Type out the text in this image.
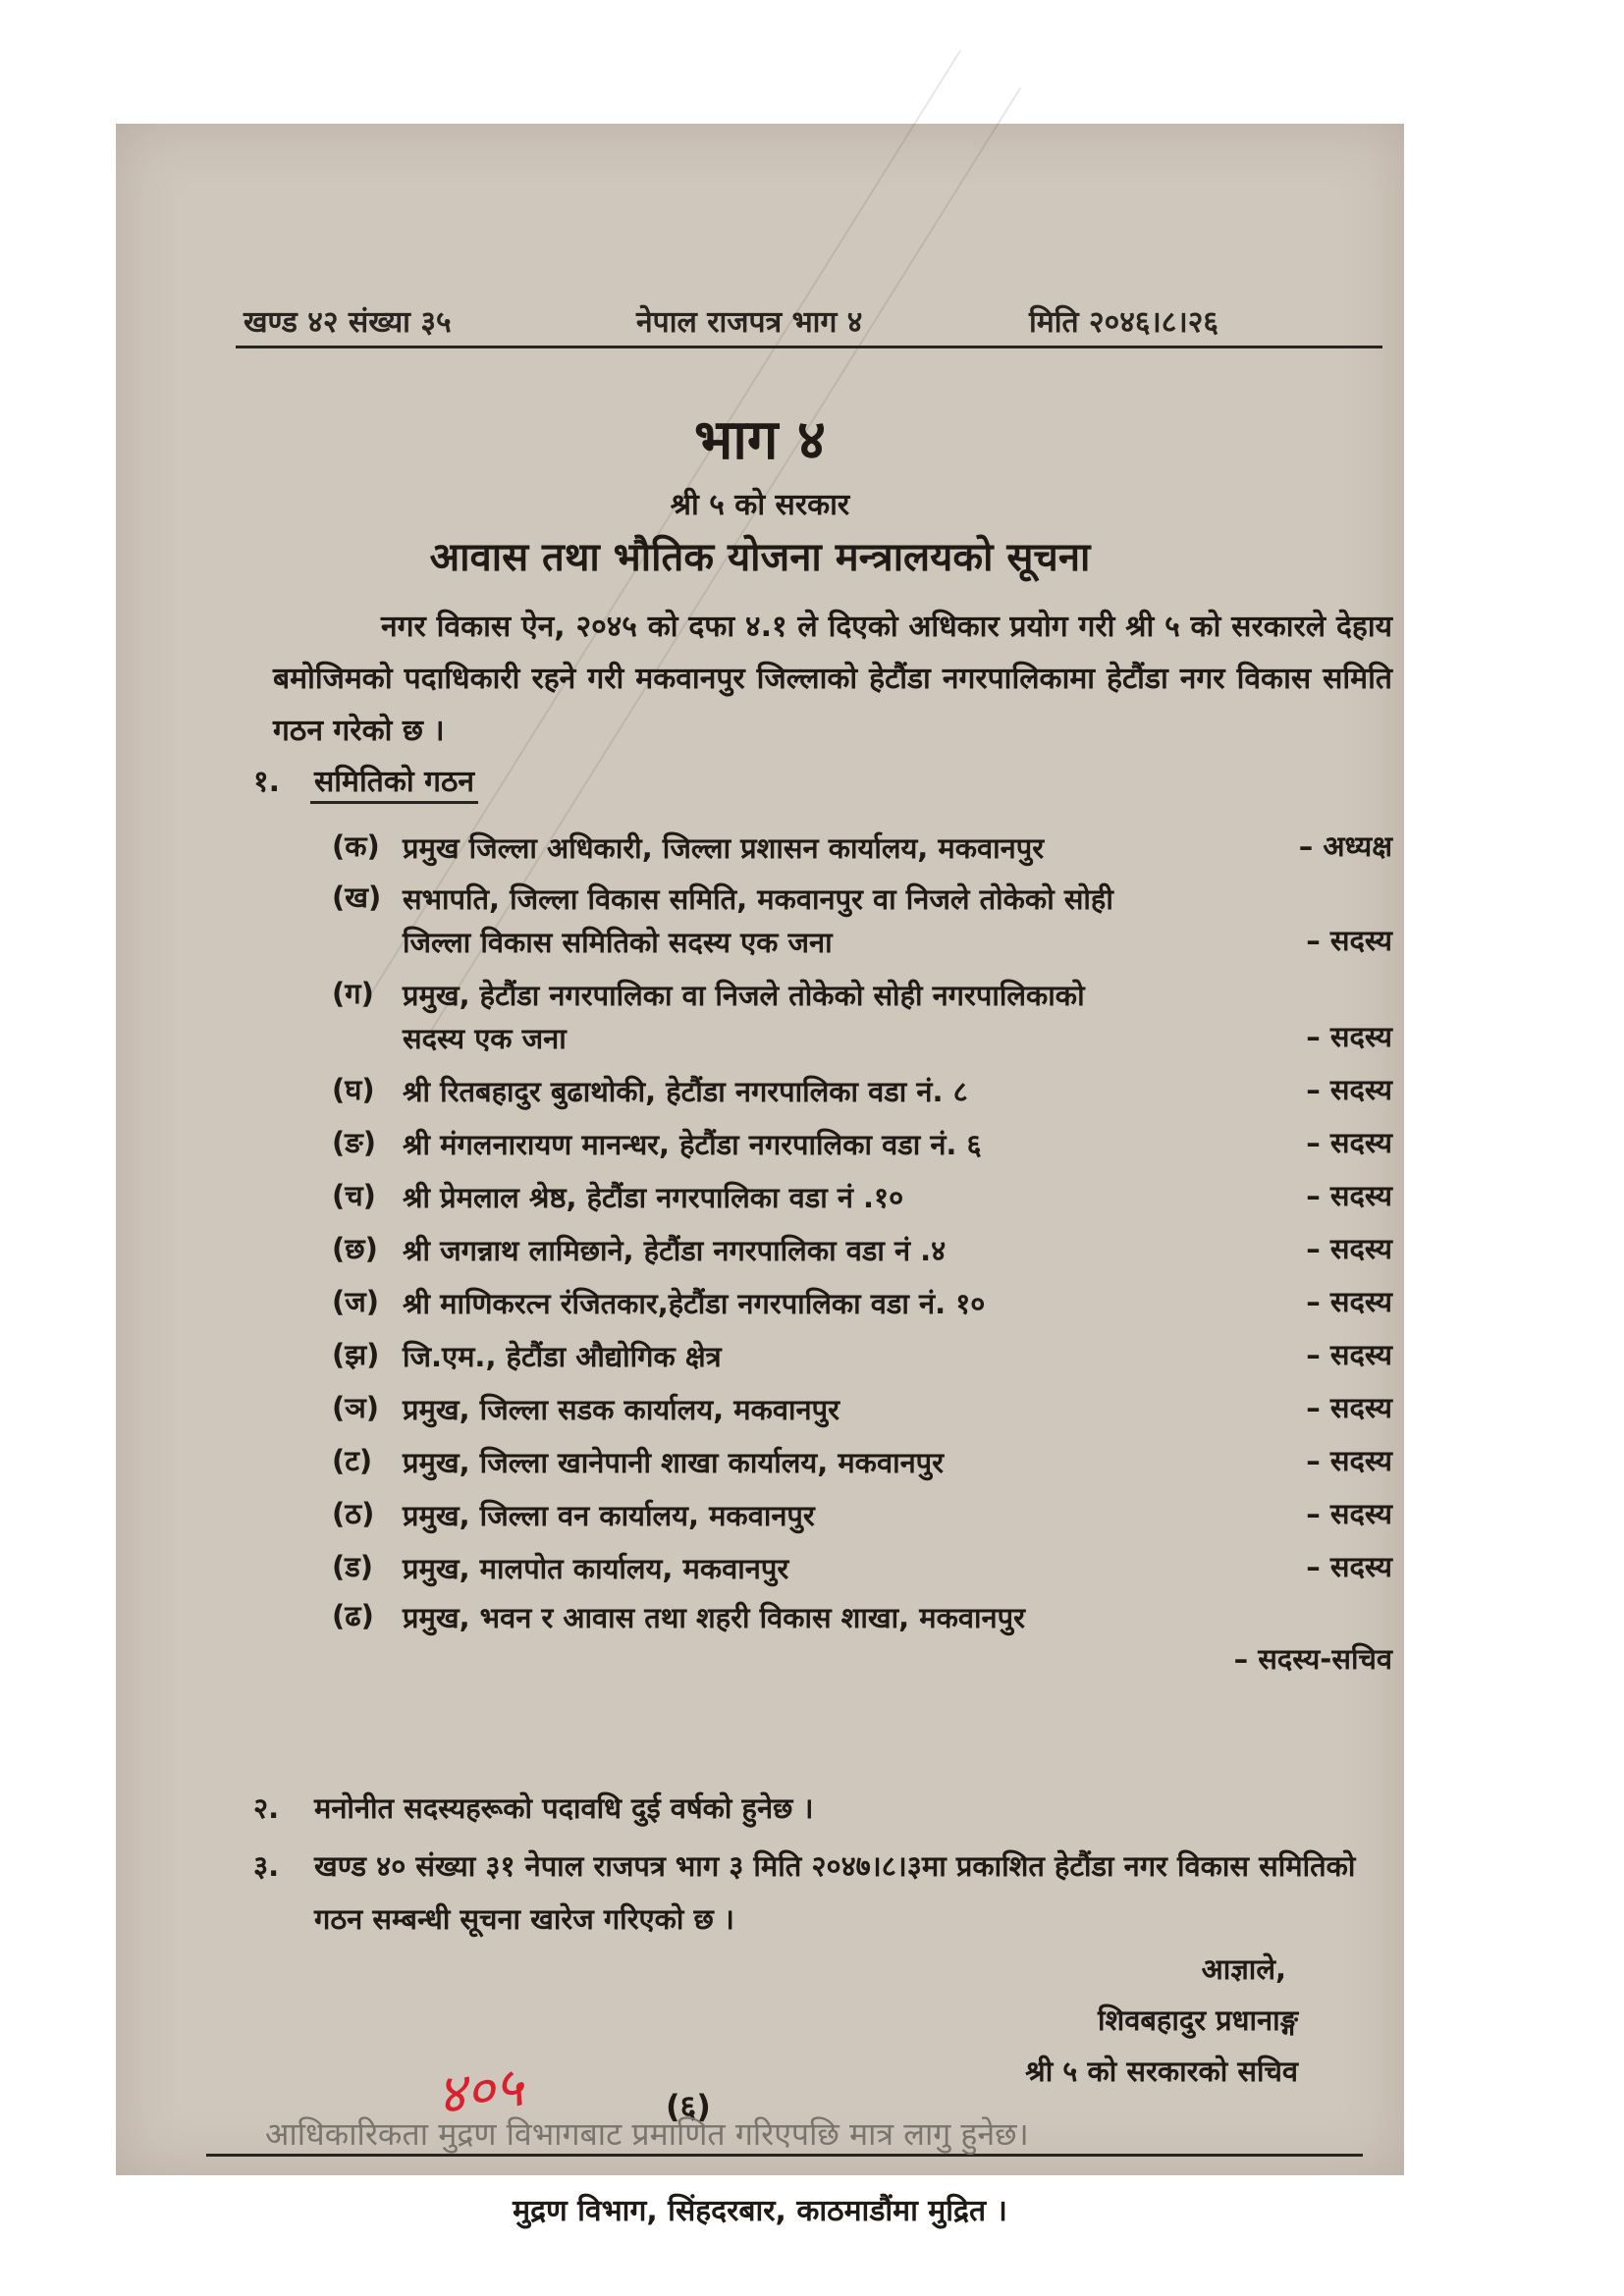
खण्ड ४२ संख्या ३५	नेपाल राजपत्र भाग ४	मिति २०४६।८।२६
भाग ४
श्री ५ को सरकार
आवास तथा भौतिक योजना मन्त्रालयको सूचना
नगर विकास ऐन, २०४५ को दफा ४.१ ले दिएको अधिकार प्रयोग गरी श्री ५ को सरकारले देहाय बमोजिमको पदाधिकारी रहने गरी मकवानपुर जिल्लाको हेटौंडा नगरपालिकामा हेटौंडा नगर विकास समिति गठन गरेको छ ।
१. समितिको गठन
(क) प्रमुख जिल्ला अधिकारी, जिल्ला प्रशासन कार्यालय, मकवानपुर	– अध्यक्ष
(ख) सभापति, जिल्ला विकास समिति, मकवानपुर वा निजले तोकेको सोही जिल्ला विकास समितिको सदस्य एक जना	– सदस्य
(ग)	प्रमुख, हेटौंडा नगरपालिका वा निजले तोकेको सोही नगरपालिकाको सदस्य एक जना	– सदस्य
(घ) श्री रितबहादुर बुढाथोकी, हेटौंडा नगरपालिका वडा नं. ८	– सदस्य
(ङ) श्री मंगलनारायण मानन्धर, हेटौंडा नगरपालिका वडा नं. ६	– सदस्य
(च) श्री प्रेमलाल श्रेष्ठ, हेटौंडा नगरपालिका वडा नं .१०	– सदस्य
(छ) श्री जगन्नाथ लामिछाने, हेटौंडा नगरपालिका वडा नं .४	– सदस्य
(ज) श्री माणिकरत्न रंजितकार,हेटौंडा नगरपालिका वडा नं. १०	– सदस्य
(झ) जि.एम., हेटौंडा औद्योगिक क्षेत्र	– सदस्य
(ञ) प्रमुख, जिल्ला सडक कार्यालय, मकवानपुर	– सदस्य
(ट)	प्रमुख, जिल्ला खानेपानी शाखा कार्यालय, मकवानपुर	– सदस्य
(ठ) प्रमुख, जिल्ला वन कार्यालय, मकवानपुर	– सदस्य
(ड)	प्रमुख, मालपोत कार्यालय, मकवानपुर	– सदस्य
(ढ)	प्रमुख, भवन र आवास तथा शहरी विकास शाखा, मकवानपुर
– सदस्य-सचिव
२.	मनोनीत सदस्यहरूको पदावधि दुई वर्षको हुनेछ ।
३.	खण्ड ४० संख्या ३१ नेपाल राजपत्र भाग ३ मिति २०४७।८।३मा प्रकाशित हेटौंडा नगर विकास समितिको गठन सम्बन्धी सूचना खारेज गरिएको छ ।
आज्ञाले,
शिवबहादुर प्रधानाङ्ग
श्री ५ को सरकारको सचिव
४०५	(६)
मुद्रण विभाग, सिंहदरबार, काठमाडौंमा मुद्रित ।
आधिकारिकता मुद्रण विभागबाट प्रमाणित गरिएपछि मात्र लागु हुनेछ।
